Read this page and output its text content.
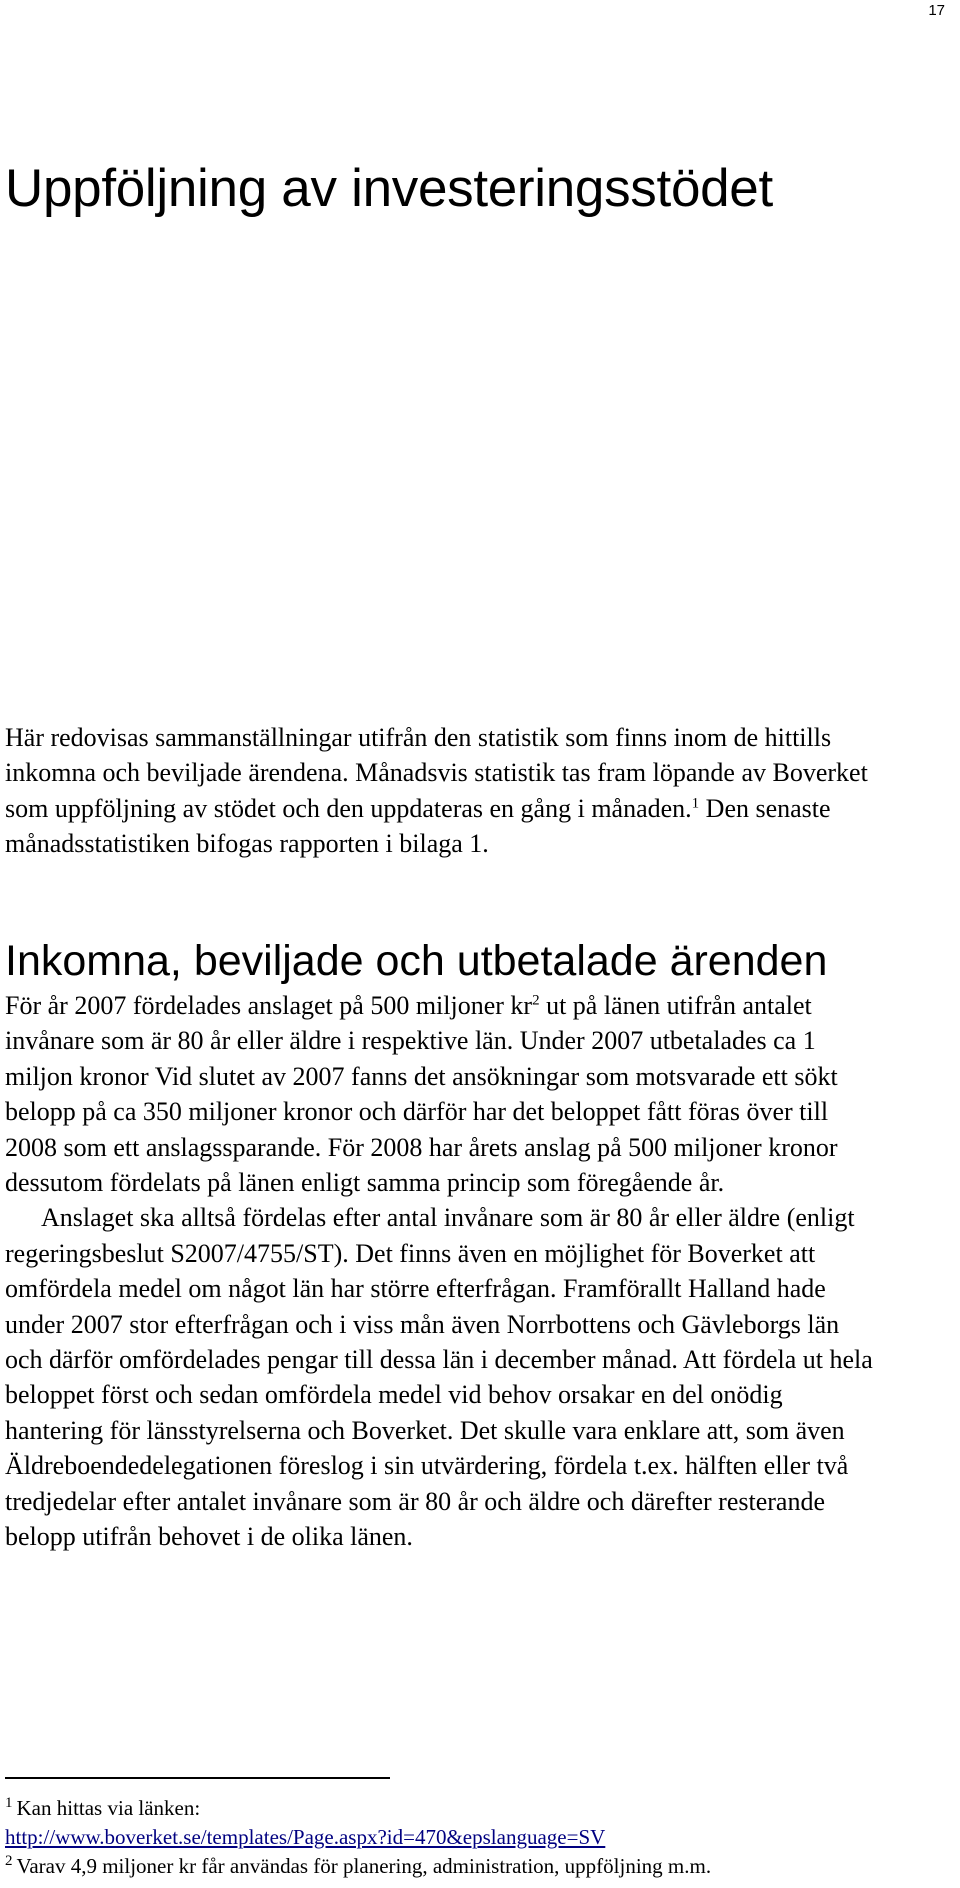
17
Uppföljning av investeringsstödet

Här redovisas sammanställningar utifrån den statistik som finns inom de hittills inkomna och beviljade ärendena. Månadsvis statistik tas fram löpande av Boverket som uppföljning av stödet och den uppdateras en gång i månaden.$^1$ Den senaste månadsstatistiken bifogas rapporten i bilaga 1.

Inkomna, beviljade och utbetalade ärenden

För år 2007 fördelades anslaget på 500 miljoner $kr^2$ ut på länen utifrån antalet invånare som är 80 år eller äldre i respektive län. Under 2007 utbetalades ca 1 miljon kronor Vid slutet av 2007 fanns det ansökningar som motsvarade ett sökt belopp på ca 350 miljoner kronor och därför har det beloppet fått föras över till 2008 som ett anslagssparande. För 2008 har årets anslag på 500 miljoner kronor dessutom fördelats på länen enligt samma princip som föregående år.

Anslaget ska alltså fördelas efter antal invånare som är 80 år eller äldre (enligt regeringsbeslut S2007/4755/ST). Det finns även en möjlighet för Boverket att omfördela medel om något län har större efterfrågan. Framförallt Halland hade under 2007 stor efterfrågan och i viss mån även Norrbottens och Gävleborgs län och därför omfördelades pengar till dessa län i december månad. Att fördela ut hela beloppet först och sedan omfördela medel vid behov orsakar en del onödig hantering för länsstyrelserna och Boverket. Det skulle vara enklare att, som även Äldreboendedelegationen föreslog i sin utvärdering, fördela t.ex. hälften eller två tredjedelar efter antalet invånare som är 80 år och äldre och därefter resterande belopp utifrån behovet i de olika länen.

$^1$ Kan hittas via länken:
http://www.boverket.se/templates/Page.aspx?id=470&epslanguage=SV
$^2$ Varav 4,9 miljoner kr får användas för planering, administration, uppföljning m.m.
